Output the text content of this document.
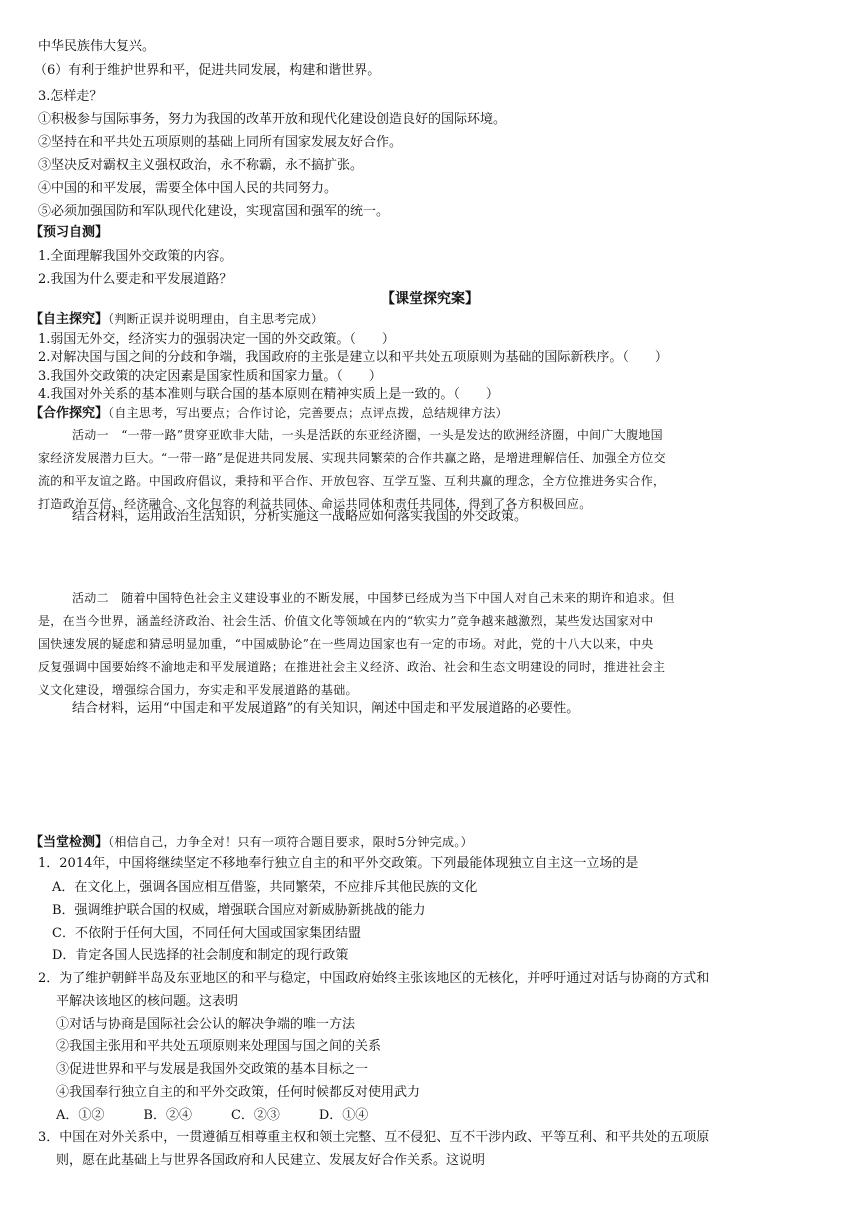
中华民族伟大复兴。
（6）有利于维护世界和平，促进共同发展，构建和谐世界。
3.怎样走？
①积极参与国际事务，努力为我国的改革开放和现代化建设创造良好的国际环境。
②坚持在和平共处五项原则的基础上同所有国家发展友好合作。
③坚决反对霸权主义强权政治，永不称霸，永不搞扩张。
④中国的和平发展，需要全体中国人民的共同努力。
⑤必须加强国防和军队现代化建设，实现富国和强军的统一。
【预习自测】
1.全面理解我国外交政策的内容。
2.我国为什么要走和平发展道路？
【课堂探究案】
【自主探究】（判断正误并说明理由，自主思考完成）
1.弱国无外交，经济实力的强弱决定一国的外交政策。（　　）
2.对解决国与国之间的分歧和争端，我国政府的主张是建立以和平共处五项原则为基础的国际新秩序。（　　）
3.我国外交政策的决定因素是国家性质和国家力量。（　　）
4.我国对外关系的基本准则与联合国的基本原则在精神实质上是一致的。（　　）
【合作探究】（自主思考，写出要点；合作讨论，完善要点；点评点拨，总结规律方法）
活动一　“一带一路”贯穿亚欧非大陆，一头是活跃的东亚经济圈，一头是发达的欧洲经济圈，中间广大腹地国
家经济发展潜力巨大。“一带一路”是促进共同发展、实现共同繁荣的合作共赢之路，是增进理解信任、加强全方位交
流的和平友谊之路。中国政府倡议，秉持和平合作、开放包容、互学互鉴、互利共赢的理念，全方位推进务实合作，
打造政治互信、经济融合、文化包容的利益共同体、命运共同体和责任共同体，得到了各方积极回应。
结合材料，运用政治生活知识，分析实施这一战略应如何落实我国的外交政策。
活动二　随着中国特色社会主义建设事业的不断发展，中国梦已经成为当下中国人对自己未来的期许和追求。但
是，在当今世界，涵盖经济政治、社会生活、价值文化等领域在内的“软实力”竞争越来越激烈，某些发达国家对中
国快速发展的疑虑和猜忌明显加重，“中国威胁论”在一些周边国家也有一定的市场。对此，党的十八大以来，中央
反复强调中国要始终不渝地走和平发展道路；在推进社会主义经济、政治、社会和生态文明建设的同时，推进社会主
义文化建设，增强综合国力，夯实走和平发展道路的基础。
结合材料，运用“中国走和平发展道路”的有关知识，阐述中国走和平发展道路的必要性。
【当堂检测】（相信自己，力争全对！只有一项符合题目要求，限时5分钟完成。）
1．2014年，中国将继续坚定不移地奉行独立自主的和平外交政策。下列最能体现独立自主这一立场的是
A．在文化上，强调各国应相互借鉴，共同繁荣，不应排斥其他民族的文化
B．强调维护联合国的权威，增强联合国应对新威胁新挑战的能力
C．不依附于任何大国，不同任何大国或国家集团结盟
D．肯定各国人民选择的社会制度和制定的现行政策
2．为了维护朝鲜半岛及东亚地区的和平与稳定，中国政府始终主张该地区的无核化，并呼吁通过对话与协商的方式和
平解决该地区的核问题。这表明
①对话与协商是国际社会公认的解决争端的唯一方法
②我国主张用和平共处五项原则来处理国与国之间的关系
③促进世界和平与发展是我国外交政策的基本目标之一
④我国奉行独立自主的和平外交政策，任何时候都反对使用武力
A．①②　　　B．②④　　　C．②③　　　D．①④
3．中国在对外关系中，一贯遵循互相尊重主权和领土完整、互不侵犯、互不干涉内政、平等互利、和平共处的五项原
则，愿在此基础上与世界各国政府和人民建立、发展友好合作关系。这说明
